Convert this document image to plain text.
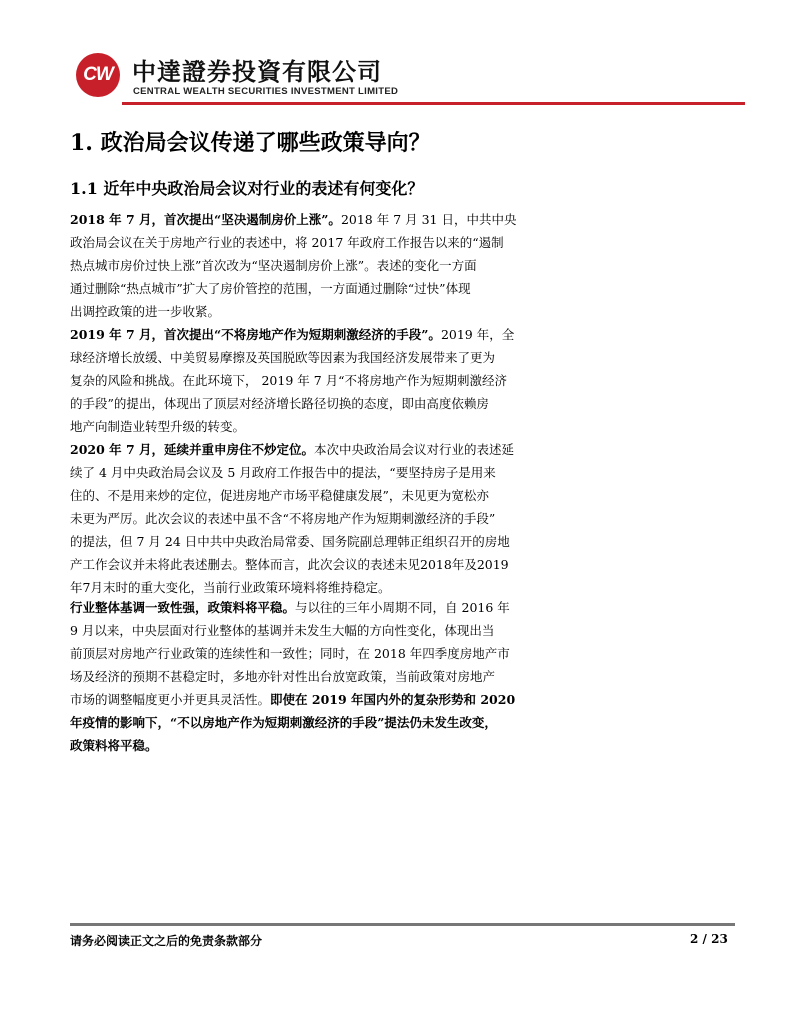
CW 中達證券投資有限公司
CENTRAL WEALTH SECURITIES INVESTMENT LIMITED
1. 政治局会议传递了哪些政策导向？
1.1 近年中央政治局会议对行业的表述有何变化？
2018 年 7 月，首次提出“坚决遏制房价上涨”。2018 年 7 月 31 日，中共中央
政治局会议在关于房地产行业的表述中，将 2017 年政府工作报告以来的“遏制
热点城市房价过快上涨”首次改为“坚决遏制房价上涨”。表述的变化一方面
通过删除“热点城市”扩大了房价管控的范围，一方面通过删除“过快”体现
出调控政策的进一步收紧。
2019 年 7 月，首次提出“不将房地产作为短期刺激经济的手段”。2019 年，全
球经济增长放缓、中美贸易摩擦及英国脱欧等因素为我国经济发展带来了更为
复杂的风险和挑战。在此环境下， 2019 年 7 月“不将房地产作为短期刺激经济
的手段”的提出，体现出了顶层对经济增长路径切换的态度，即由高度依赖房
地产向制造业转型升级的转变。
2020 年 7 月，延续并重申房住不炒定位。本次中央政治局会议对行业的表述延
续了 4 月中央政治局会议及 5 月政府工作报告中的提法，“要坚持房子是用来
住的、不是用来炒的定位，促进房地产市场平稳健康发展”，未见更为宽松亦
未更为严厉。此次会议的表述中虽不含“不将房地产作为短期刺激经济的手段”
的提法，但 7 月 24 日中共中央政治局常委、国务院副总理韩正组织召开的房地
产工作会议并未将此表述删去。整体而言，此次会议的表述未见2018年及2019
年7月末时的重大变化，当前行业政策环境料将维持稳定。
行业整体基调一致性强，政策料将平稳。与以往的三年小周期不同，自 2016 年
9 月以来，中央层面对行业整体的基调并未发生大幅的方向性变化，体现出当
前顶层对房地产行业政策的连续性和一致性；同时，在 2018 年四季度房地产市
场及经济的预期不甚稳定时，多地亦针对性出台放宽政策，当前政策对房地产
市场的调整幅度更小并更具灵活性。即使在 2019 年国内外的复杂形势和 2020
年疫情的影响下，“不以房地产作为短期刺激经济的手段”提法仍未发生改变，
政策料将平稳。
请务必阅读正文之后的免责条款部分	2 / 23
